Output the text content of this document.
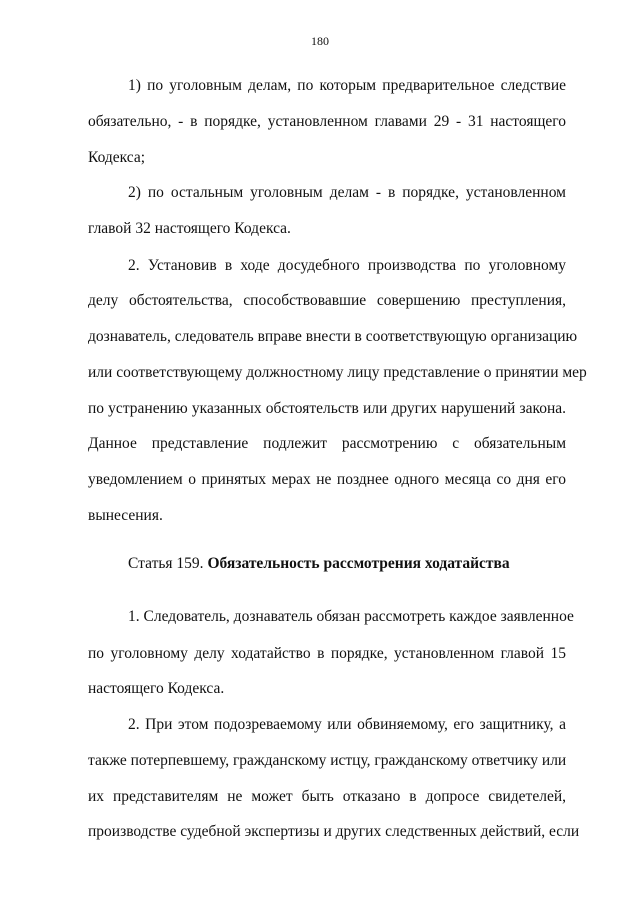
180
1) по уголовным делам, по которым предварительное следствие
обязательно, - в порядке, установленном главами 29 - 31 настоящего
Кодекса;
2) по остальным уголовным делам - в порядке, установленном
главой 32 настоящего Кодекса.
2. Установив в ходе досудебного производства по уголовному
делу обстоятельства, способствовавшие совершению преступления,
дознаватель, следователь вправе внести в соответствующую организацию
или соответствующему должностному лицу представление о принятии мер
по устранению указанных обстоятельств или других нарушений закона.
Данное представление подлежит рассмотрению с обязательным
уведомлением о принятых мерах не позднее одного месяца со дня его
вынесения.
Статья 159. Обязательность рассмотрения ходатайства
1. Следователь, дознаватель обязан рассмотреть каждое заявленное
по уголовному делу ходатайство в порядке, установленном главой 15
настоящего Кодекса.
2. При этом подозреваемому или обвиняемому, его защитнику, а
также потерпевшему, гражданскому истцу, гражданскому ответчику или
их представителям не может быть отказано в допросе свидетелей,
производстве судебной экспертизы и других следственных действий, если
